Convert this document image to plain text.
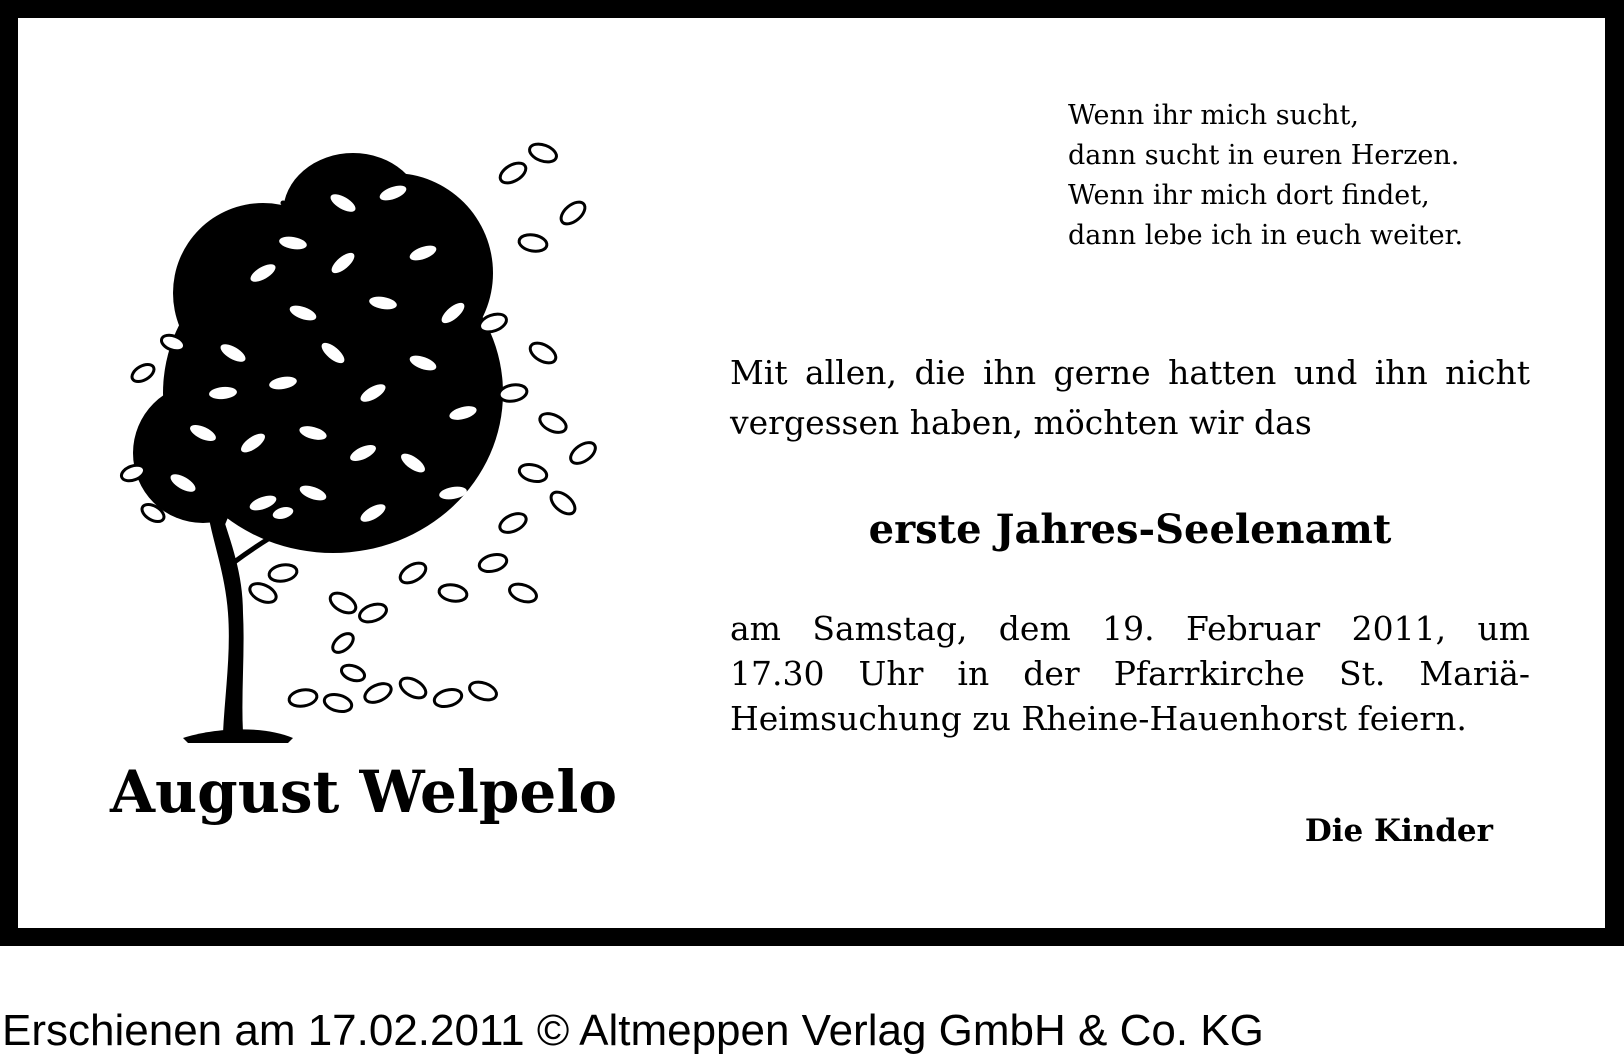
August Welpelo
Wenn ihr mich sucht,
dann sucht in euren Herzen.
Wenn ihr mich dort findet,
dann lebe ich in euch weiter.
Mit allen, die ihn gerne hatten und ihn nicht
vergessen haben, möchten wir das
erste Jahres-Seelenamt
am Samstag, dem 19. Februar 2011, um
17.30 Uhr in der Pfarrkirche St. Mariä-
Heimsuchung zu Rheine-Hauenhorst feiern.
Die Kinder
Erschienen am 17.02.2011 © Altmeppen Verlag GmbH & Co. KG
